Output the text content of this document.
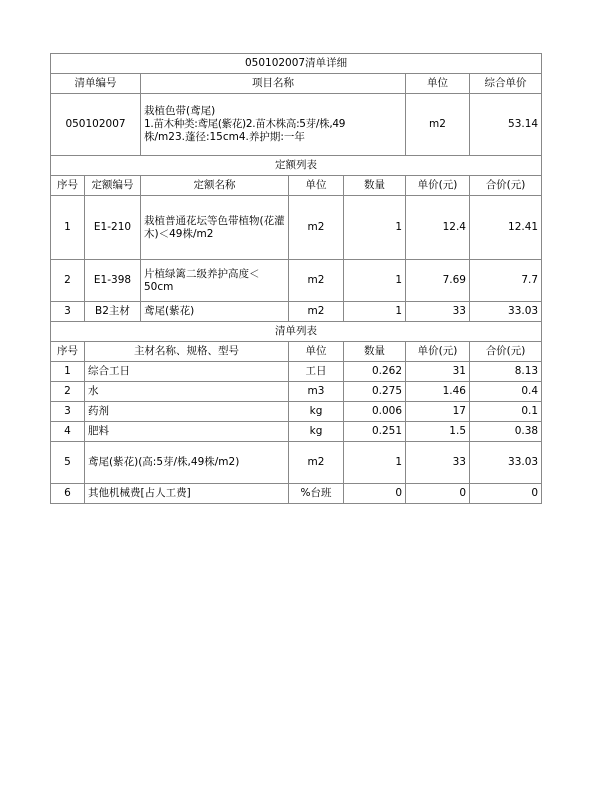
050102007清单详细						
清单编号		项目名称			单位	综合单价
050102007		栽植色带(鸢尾)
1.苗木种类:鸢尾(紫花)2.苗木株高:5芽/株,49
株/m23.蓬径:15cm4.养护期:一年			m2	53.14
定额列表						
序号	定额编号	定额名称	单位	数量	单价(元)	合价(元)
1	E1-210	栽植普通花坛等色带植物(花灌木)＜49株/m2	m2	1	12.4	12.41
2	E1-398	片植绿篱二级养护高度＜50cm	m2	1	7.69	7.7
3	B2主材	鸢尾(紫花)	m2	1	33	33.03
清单列表						
序号	主材名称、规格、型号		单位	数量	单价(元)	合价(元)
1	综合工日		工日	0.262	31	8.13
2	水		m3	0.275	1.46	0.4
3	药剂		kg	0.006	17	0.1
4	肥料		kg	0.251	1.5	0.38
5	鸢尾(紫花)(高:5芽/株,49株/m2)		m2	1	33	33.03
6	其他机械费[占人工费]		%台班	0	0	0
